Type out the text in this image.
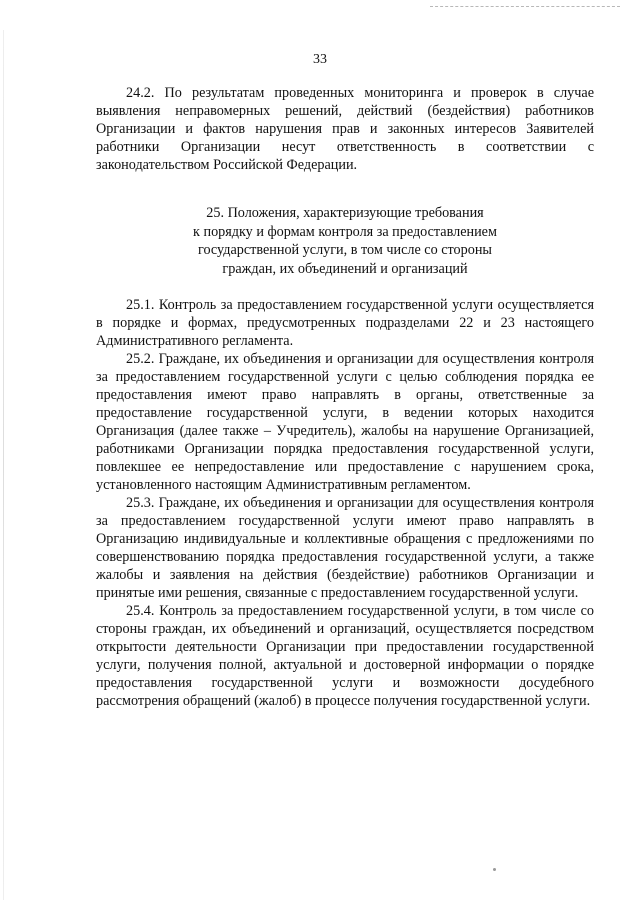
33

24.2. По результатам проведенных мониторинга и проверок в случае выявления неправомерных решений, действий (бездействия) работников Организации и фактов нарушения прав и законных интересов Заявителей работники Организации несут ответственность в соответствии с законодательством Российской Федерации.

25. Положения, характеризующие требования
к порядку и формам контроля за предоставлением
государственной услуги, в том числе со стороны
граждан, их объединений и организаций

25.1. Контроль за предоставлением государственной услуги осуществляется в порядке и формах, предусмотренных подразделами 22 и 23 настоящего Административного регламента.

25.2. Граждане, их объединения и организации для осуществления контроля за предоставлением государственной услуги с целью соблюдения порядка ее предоставления имеют право направлять в органы, ответственные за предоставление государственной услуги, в ведении которых находится Организация (далее также – Учредитель), жалобы на нарушение Организацией, работниками Организации порядка предоставления государственной услуги, повлекшее ее непредоставление или предоставление с нарушением срока, установленного настоящим Административным регламентом.

25.3. Граждане, их объединения и организации для осуществления контроля за предоставлением государственной услуги имеют право направлять в Организацию индивидуальные и коллективные обращения с предложениями по совершенствованию порядка предоставления государственной услуги, а также жалобы и заявления на действия (бездействие) работников Организации и принятые ими решения, связанные с предоставлением государственной услуги.

25.4. Контроль за предоставлением государственной услуги, в том числе со стороны граждан, их объединений и организаций, осуществляется посредством открытости деятельности Организации при предоставлении государственной услуги, получения полной, актуальной и достоверной информации о порядке предоставления государственной услуги и возможности досудебного рассмотрения обращений (жалоб) в процессе получения государственной услуги.
